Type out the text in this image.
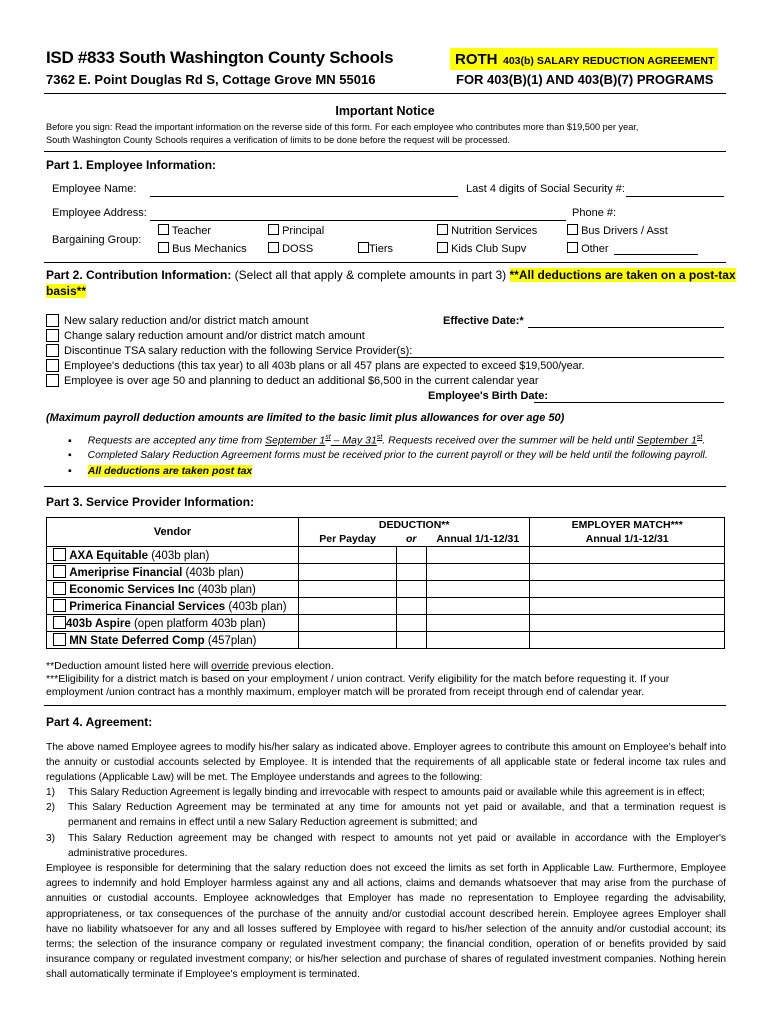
ISD #833 South Washington County Schools
7362 E. Point Douglas Rd S, Cottage Grove MN 55016
ROTH 403(b) SALARY REDUCTION AGREEMENT
FOR 403(B)(1) AND 403(B)(7) PROGRAMS
Important Notice
Before you sign: Read the important information on the reverse side of this form. For each employee who contributes more than $19,500 per year,
South Washington County Schools requires a verification of limits to be done before the request will be processed.
Part 1. Employee Information:
Employee Name:	Last 4 digits of Social Security #:
Employee Address:	Phone #:
Bargaining Group:
Teacher	Principal	Nutrition Services	Bus Drivers / Asst
Bus Mechanics	DOSS	Tiers	Kids Club Supv	Other
Part 2. Contribution Information: (Select all that apply & complete amounts in part 3) **All deductions are taken on a post-tax
basis**
New salary reduction and/or district match amount
Change salary reduction amount and/or district match amount
Discontinue TSA salary reduction with the following Service Provider(s):
Employee's deductions (this tax year) to all 403b plans or all 457 plans are expected to exceed $19,500/year.
Employee is over age 50 and planning to deduct an additional $6,500 in the current calendar year
Effective Date:*
Employee's Birth Date:
(Maximum payroll deduction amounts are limited to the basic limit plus allowances for over age 50)
▪ Requests are accepted any time from September 1st – May 31st. Requests received over the summer will be held until September 1st.
▪ Completed Salary Reduction Agreement forms must be received prior to the current payroll or they will be held until the following payroll.
▪ All deductions are taken post tax
Part 3. Service Provider Information:
Vendor	DEDUCTION**			EMPLOYER MATCH***
	Per Payday	or	Annual 1/1-12/31	Annual 1/1-12/31
AXA Equitable (403b plan)				
Ameriprise Financial (403b plan)				
Economic Services Inc (403b plan)				
Primerica Financial Services (403b plan)				
403b Aspire (open platform 403b plan)				
MN State Deferred Comp (457plan)				
**Deduction amount listed here will override previous election.
***Eligibility for a district match is based on your employment / union contract. Verify eligibility for the match before requesting it. If your
employment /union contract has a monthly maximum, employer match will be prorated from receipt through end of calendar year.
Part 4. Agreement:
The above named Employee agrees to modify his/her salary as indicated above. Employer agrees to contribute this amount on Employee's behalf into the annuity or custodial accounts selected by Employee. It is intended that the requirements of all applicable state or federal income tax rules and regulations (Applicable Law) will be met. The Employee understands and agrees to the following:
1)	This Salary Reduction Agreement is legally binding and irrevocable with respect to amounts paid or available while this agreement is in effect;
2)	This Salary Reduction Agreement may be terminated at any time for amounts not yet paid or available, and that a termination request is permanent and remains in effect until a new Salary Reduction agreement is submitted; and
3)	This Salary Reduction agreement may be changed with respect to amounts not yet paid or available in accordance with the Employer's administrative procedures.
Employee is responsible for determining that the salary reduction does not exceed the limits as set forth in Applicable Law. Furthermore, Employee agrees to indemnify and hold Employer harmless against any and all actions, claims and demands whatsoever that may arise from the purchase of annuities or custodial accounts. Employee acknowledges that Employer has made no representation to Employee regarding the advisability, appropriateness, or tax consequences of the purchase of the annuity and/or custodial account described herein. Employee agrees Employer shall have no liability whatsoever for any and all losses suffered by Employee with regard to his/her selection of the annuity and/or custodial account; its terms; the selection of the insurance company or regulated investment company; the financial condition, operation of or benefits provided by said insurance company or regulated investment company; or his/her selection and purchase of shares of regulated investment companies. Nothing herein shall automatically terminate if Employee's employment is terminated.
